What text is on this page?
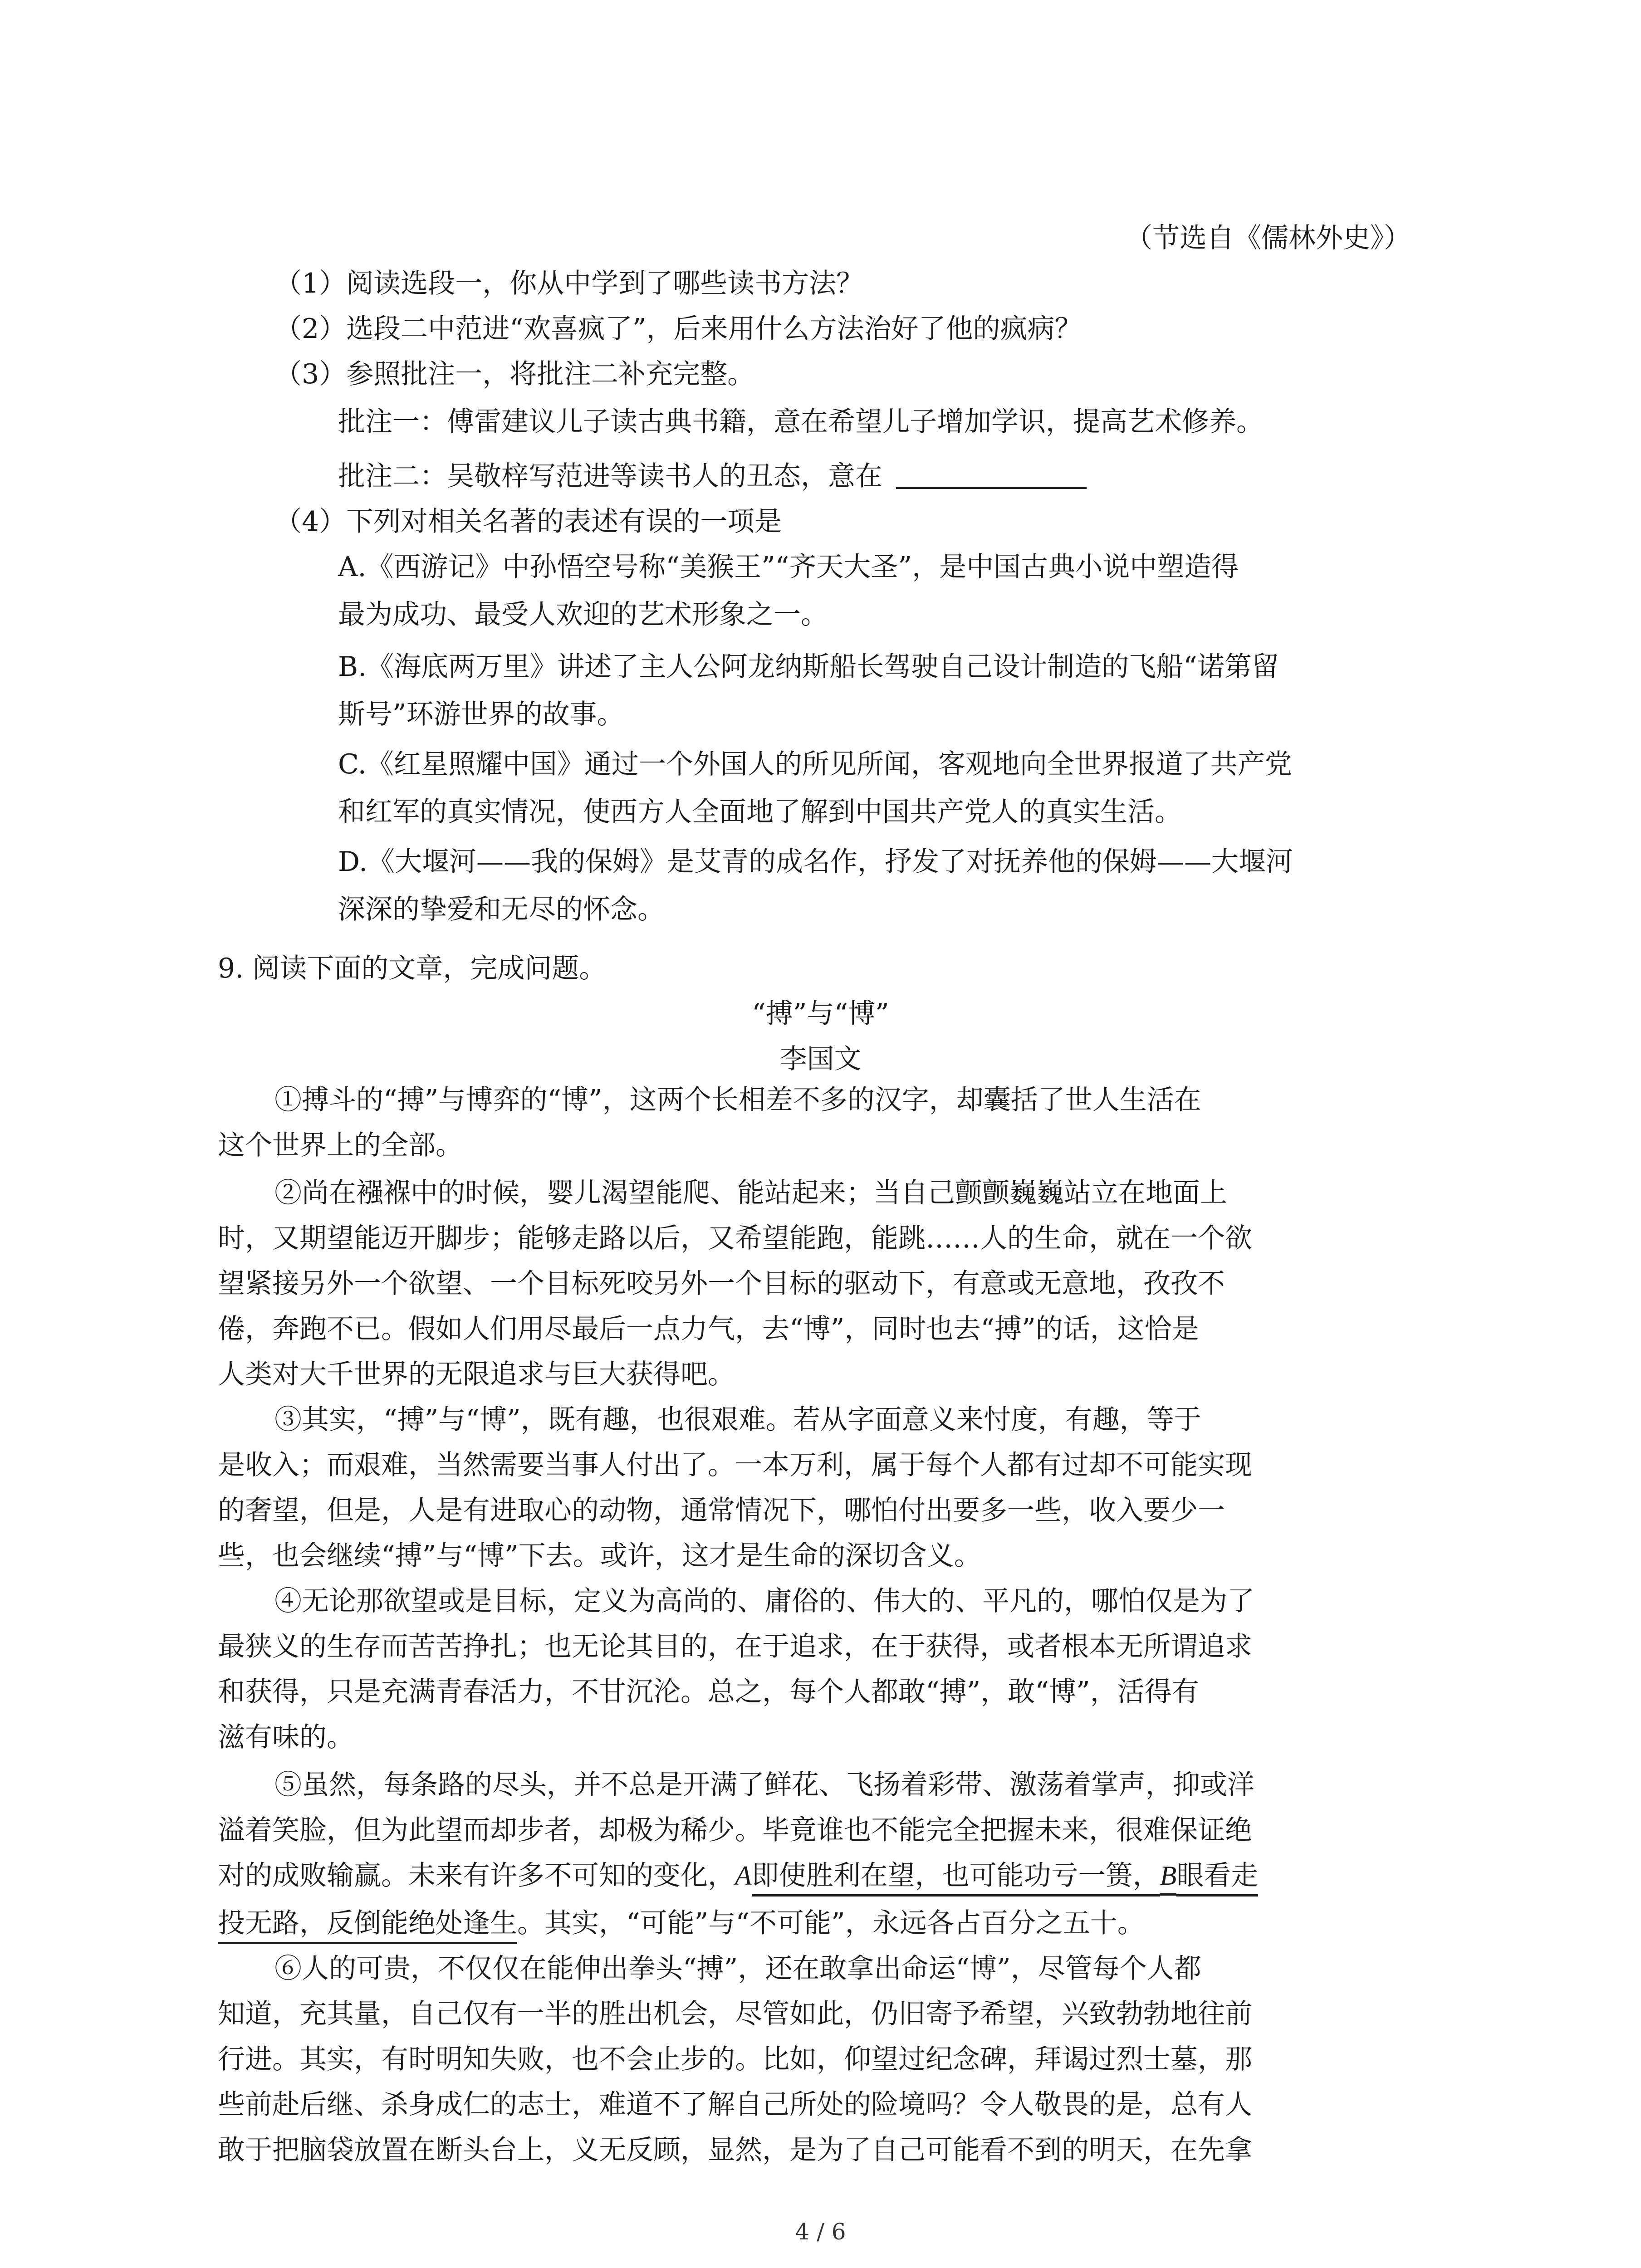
（节选自《儒林外史》）

（1）阅读选段一，你从中学到了哪些读书方法？

（2）选段二中范进“欢喜疯了”，后来用什么方法治好了他的疯病？

（3）参照批注一，将批注二补充完整。

批注一：傅雷建议儿子读古典书籍，意在希望儿子增加学识，提高艺术修养。

批注二：吴敬梓写范进等读书人的丑态，意在

（4）下列对相关名著的表述有误的一项是

A.《西游记》中孙悟空号称“美猴王”“齐天大圣”，是中国古典小说中塑造得

最为成功、最受人欢迎的艺术形象之一。

B.《海底两万里》讲述了主人公阿龙纳斯船长驾驶自己设计制造的飞船“诺第留

斯号”环游世界的故事。

C.《红星照耀中国》通过一个外国人的所见所闻，客观地向全世界报道了共产党

和红军的真实情况，使西方人全面地了解到中国共产党人的真实生活。

D.《大堰河——我的保姆》是艾青的成名作，抒发了对抚养他的保姆——大堰河

深深的挚爱和无尽的怀念。

9. 阅读下面的文章，完成问题。

“搏”与“博”

李国文

①搏斗的“搏”与博弈的“博”，这两个长相差不多的汉字，却囊括了世人生活在

这个世界上的全部。

②尚在襁褓中的时候，婴儿渴望能爬、能站起来；当自己颤颤巍巍站立在地面上

时，又期望能迈开脚步；能够走路以后，又希望能跑，能跳……人的生命，就在一个欲

望紧接另外一个欲望、一个目标死咬另外一个目标的驱动下，有意或无意地，孜孜不

倦，奔跑不已。假如人们用尽最后一点力气，去“博”，同时也去“搏”的话，这恰是

人类对大千世界的无限追求与巨大获得吧。

③其实，“搏”与“博”，既有趣，也很艰难。若从字面意义来忖度，有趣，等于

是收入；而艰难，当然需要当事人付出了。一本万利，属于每个人都有过却不可能实现

的奢望，但是，人是有进取心的动物，通常情况下，哪怕付出要多一些，收入要少一

些，也会继续“搏”与“博”下去。或许，这才是生命的深切含义。

④无论那欲望或是目标，定义为高尚的、庸俗的、伟大的、平凡的，哪怕仅是为了

最狭义的生存而苦苦挣扎；也无论其目的，在于追求，在于获得，或者根本无所谓追求

和获得，只是充满青春活力，不甘沉沦。总之，每个人都敢“搏”，敢“博”，活得有

滋有味的。

⑤虽然，每条路的尽头，并不总是开满了鲜花、飞扬着彩带、激荡着掌声，抑或洋

溢着笑脸，但为此望而却步者，却极为稀少。毕竟谁也不能完全把握未来，很难保证绝

对的成败输赢。未来有许多不可知的变化，A即使胜利在望，也可能功亏一篑，B眼看走

投无路，反倒能绝处逢生。其实，“可能”与“不可能”，永远各占百分之五十。

⑥人的可贵，不仅仅在能伸出拳头“搏”，还在敢拿出命运“博”，尽管每个人都

知道，充其量，自己仅有一半的胜出机会，尽管如此，仍旧寄予希望，兴致勃勃地往前

行进。其实，有时明知失败，也不会止步的。比如，仰望过纪念碑，拜谒过烈士墓，那

些前赴后继、杀身成仁的志士，难道不了解自己所处的险境吗？令人敬畏的是，总有人

敢于把脑袋放置在断头台上，义无反顾，显然，是为了自己可能看不到的明天，在先拿

4 / 6
